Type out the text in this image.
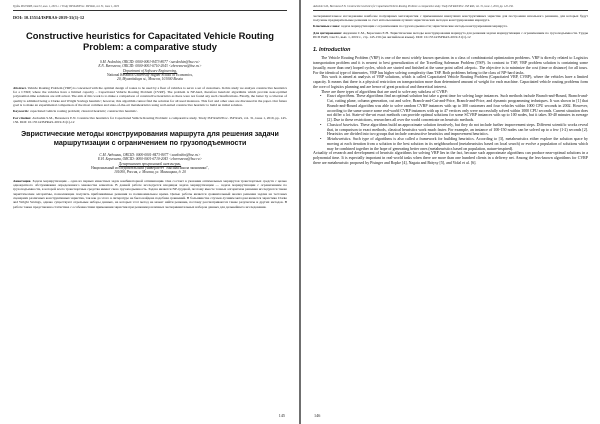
Труды ИСП РАН, том 31, вып. 1, 2019 г. // Trudy ISP RAN/Proc. ISP RAS, vol. 31, issue 1, 2019
DOI: 10.15514/ISPRAS-2019-31(1)-12
Constructive heuristics for Capacitated Vehicle Routing Problem: a comparative study
S.M. Avdoshin, ORCID: 0000-0001-8473-8077 <savdoshin@hse.ru>
E.N. Beresneva, ORCID: 0000-0001-6710-2043 <eberesneva@hse.ru>
Department of Software Engineering,
National Research University Higher School of Economics,
20, Myasnitskaya st., Moscow, 101000 Russia

Abstract. Vehicle Routing Problem (VRP) is concerned with the optimal design of routes to be used by a fleet of vehicles to serve a set of customers. In this study we analyze constructive heuristics for a CVRP, where the vehicles have a limited capacity – Capacitated Vehicle Routing Problem (CVRP). The problem is NP-hard, therefore heuristic algorithms which provide near-optimal polynomial-time solutions are still actual. The aim of this work is to make a comparison of constructive heuristics as there were not found any such classifications. Finally, the better by a criterion of quality is admitted being a Clarke and Wright Savings heuristic; however, this algorithm cannot find the solution for all used instances. This fact and other ones are discussed in the paper. Our future goal is to make an experimental comparison of the most common and state-of-the-art metaheuristics using well-suited constructive heuristic to build an initial solution.

Keywords: capacitated vehicle routing problem; classical heuristic; constructive heuristic.

For citation: Avdoshin S.M., Beresneva E.N. Constructive heuristics for Capacitated Vehicle Routing Problem: a comparative study. Trudy ISP RAN/Proc. ISP RAS, vol. 31, issue 1, 2019, pp. 145-156. DOI: 10.15514/ISPRAS-2019-31(1)-12

Эвристические методы конструирования маршрута для решения задачи маршрутизации с ограничением по грузоподъемности
С.М. Авдошин, ORCID: 0000-0001-8473-8077 <savdoshin@hse.ru>
Е.Н. Береснева, ORCID: 0000-0001-6710-2043 <eberesneva@hse.ru>
Департамент программной инженерии,
Национальный исследовательский университет "Высшая школа экономики",
101000, Россия, г. Москва, ул. Мясницкая, д. 20

Аннотация. Задача маршрутизации – одна из первых известных задач комбинаторной оптимизации. Она состоит в указании оптимальных маршрутов транспортных средств с целью однократного обслуживания определенного множества клиентов. В данной работе исследуется входящая задача маршрутизации — задача маршрутизации с ограничением по грузоподъемности, в которой всего транспортные средства имеют свою грузоподъемность. Задача является NP-трудной, поэтому вместе точных алгоритмов решения исследуются также эвристические алгоритмы, позволяющие получить приближённые решения за полиномиальное время. Целью работы является сравнительный анализ решения задачи на тестовых сценариях различных конструктивных эвристик, так как до этого в литературе не была найдена подобная сравнений. В большинстве случаев лучшим методом является эвристика Clarke and Wright Savings, однако существуют отдельные наборы данных, на которых этот метод не может найти решение, поэтому рассматриваются также результаты и других методов. В работе также представлена статистика с особенностями применения эвристик при решении различных экспериментальных наборов данных для дальнейшего исследования.

145
Avdoshin S.M., Beresneva E.N. Constructive heuristics for Capacitated Vehicle Routing Problem: a comparative study. Trudy ISP RAN/Proc. ISP RAS, vol. 31, issue 1, 2019, pp. 145-156.

экспериментальное исследование наиболее популярных метаэвристик с применением наилучших конструктивных эвристик для построения начального решения, для которых будут получены предварительные решения за счет использования лучших эвристических методов конструирования маршрута.

Ключевые слова: задача маршрутизации с ограничением по грузоподъемности; эвристические методы конструирования маршрута.

Для цитирования: Авдошин С.М., Береснева Е.Н. Эвристические методы конструирования маршрута для решения задачи маршрутизации с ограничением по грузоподъемности. Труды ИСП РАН, том 31, вып. 1, 2019 г., стр. 145-156 (на английском языке). DOI: 10.15514/ISPRAS-2019-31(1)-12

1. Introduction

The Vehicle Routing Problem (VRP) is one of the most widely known questions in a class of combinatorial optimization problems. VRP is directly related to Logistics transportation problem and it is nearest to best generalization of the Travelling Salesman Problem (TSP). In contrast to TSP, VRP problem solution is containing some (usually, more than one) looped cycles, which are started and finished at the same point called «depot». The objective is to minimize the cost (time or distance) for all tours. For the identical type of itineraries, VRP has higher solving complexity than TSP. Both problems belong to the class of NP-hard tasks.

This work is aimed at analysis of VRP solutions, which is called Capacitated Vehicle Routing Problem (Capacitated VRP, CVRP), where the vehicles have a limited capacity. It means that there is a physical restriction on transportation more than determined amount of weight for each machine. Capacitated vehicle routing problems form the core of logistics planning and are hence of great practical and theoretical interest.

There are three types of algorithms that are used to solve any subclass of CVRP:

• Exact algorithms. These algorithms find an optimal solution but take a great time for solving large instances. Such methods include Branch-and-Bound, Branch-and-Cut, cutting plane, column generation, cut and solve, Branch-and-Cut-and-Price, Branch-and-Price, and dynamic programming techniques. It was shown in [1] that Branch-and-Bound algorithm was able to solve random CVRP instances with up to 300 customers and four vehicles within 1000 CPU seconds in 2002. However, according to the same source some real-world CVRP instances with up to 47 vertices only were successfully solved within 1000 CPU seconds. Current situation does not differ a lot. State-of-the-art exact methods can provide optimal solutions for some SCVRP instances with up to 100 nodes, but it takes 30-40 minutes in average [2]. Due to these restrictions, researchers all over the world concentrate on heuristic methods.
• Classical heuristics. These algorithms build an approximate solution iteratively, but they do not include further improvement steps. Different scientific works reveal that, in comparison to exact methods, classical heuristics work much faster. For example, an instance of 100-150 nodes can be solved up to a few (1-2) seconds [2]. Heuristics are divided into two groups that include constructive heuristics and improvement heuristics.
• Metaheuristics. Such type of algorithms is also called a framework for building heuristics. According to [3], metaheuristics either explore the solution space by moving at each iteration from a solution to the best solution in its neighbourhood (metaheuristics based on local search) or evolve a population of solutions which may be combined together in the hope of generating better ones (metaheuristics based on population, nature-inspired).

Actuality of research and development of heuristic algorithms for solving VRP lies in the fact, because such approximate algorithms can produce near-optimal solutions in a polynomial time. It is especially important in real-world tasks when there are more than one hundred clients in a delivery net. Among the less-known algorithms for CVRP there are metaheuristic proposed by Pisinger and Ropke [4], Nagata and Bräysy [5], and Vidal et al. [6].

146
